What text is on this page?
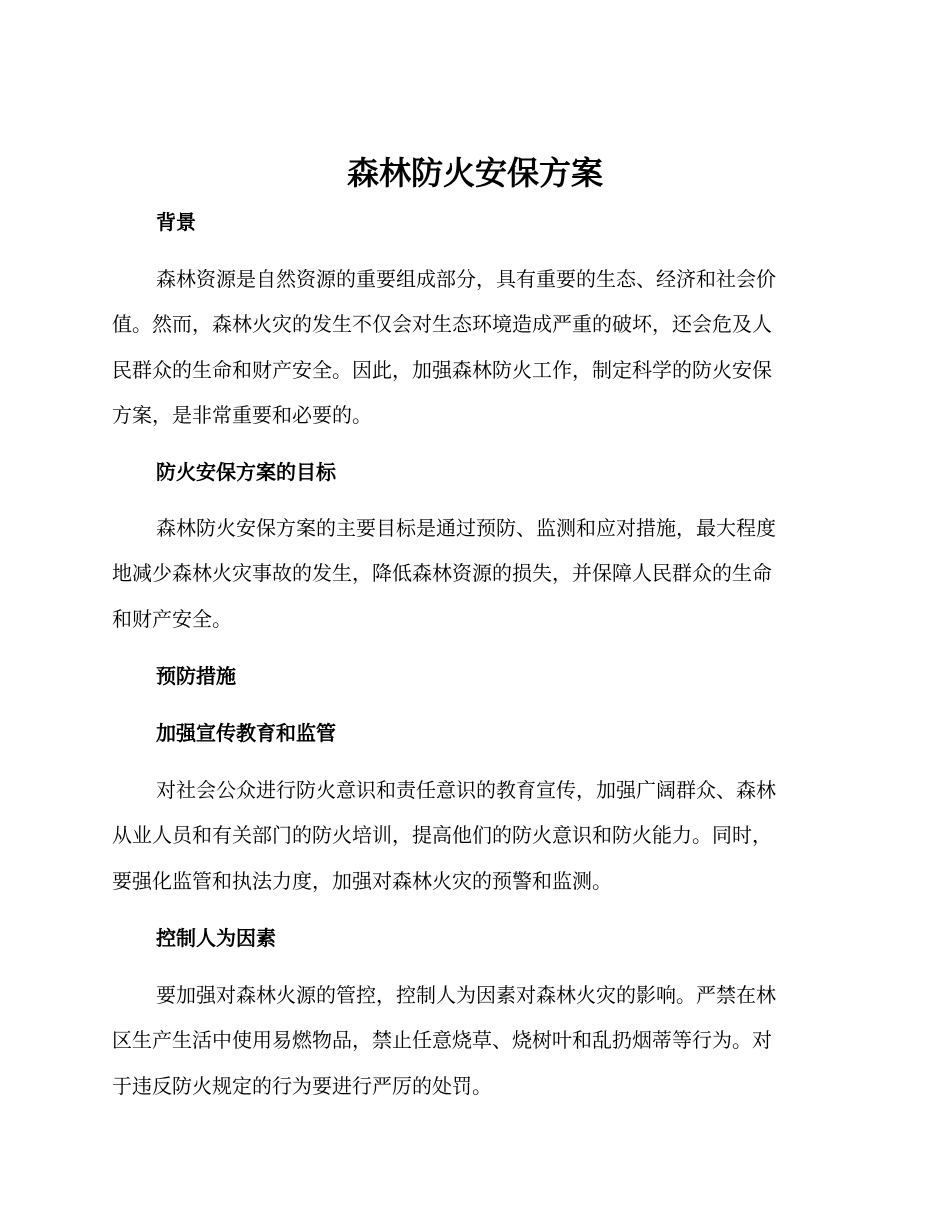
森林防火安保方案
背景

森林资源是自然资源的重要组成部分，具有重要的生态、经济和社会价
值。然而，森林火灾的发生不仅会对生态环境造成严重的破坏，还会危及人
民群众的生命和财产安全。因此，加强森林防火工作，制定科学的防火安保
方案，是非常重要和必要的。

防火安保方案的目标

森林防火安保方案的主要目标是通过预防、监测和应对措施，最大程度
地减少森林火灾事故的发生，降低森林资源的损失，并保障人民群众的生命
和财产安全。

预防措施
加强宣传教育和监管

对社会公众进行防火意识和责任意识的教育宣传，加强广阔群众、森林
从业人员和有关部门的防火培训，提高他们的防火意识和防火能力。同时，
要强化监管和执法力度，加强对森林火灾的预警和监测。

控制人为因素

要加强对森林火源的管控，控制人为因素对森林火灾的影响。严禁在林
区生产生活中使用易燃物品，禁止任意烧草、烧树叶和乱扔烟蒂等行为。对
于违反防火规定的行为要进行严厉的处罚。
